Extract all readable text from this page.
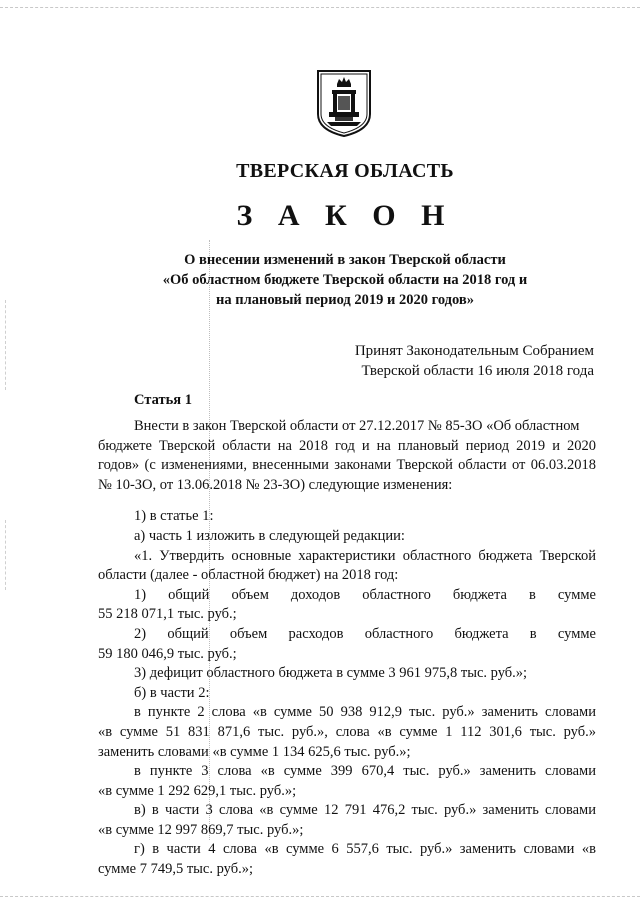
ТВЕРСКАЯ ОБЛАСТЬ
З А К О Н
О внесении изменений в закон Тверской области
«Об областном бюджете Тверской области на 2018 год и
на плановый период 2019 и 2020 годов»
Принят Законодательным Собранием
Тверской области 16 июля 2018 года
Статья 1
Внести в закон Тверской области от 27.12.2017 № 85-ЗО «Об областном
бюджете Тверской области на 2018 год и на плановый период 2019 и 2020
годов» (с изменениями, внесенными законами Тверской области от 06.03.2018
№ 10-ЗО, от 13.06.2018 № 23-ЗО) следующие изменения:
1) в статье 1:
а) часть 1 изложить в следующей редакции:
«1. Утвердить основные характеристики областного бюджета Тверской
области (далее - областной бюджет) на 2018 год:
1) общий объем доходов областного бюджета в сумме
55 218 071,1 тыс. руб.;
2) общий объем расходов областного бюджета в сумме
59 180 046,9 тыс. руб.;
3) дефицит областного бюджета в сумме 3 961 975,8 тыс. руб.»;
б) в части 2:
в пункте 2 слова «в сумме 50 938 912,9 тыс. руб.» заменить словами
«в сумме 51 831 871,6 тыс. руб.», слова «в сумме 1 112 301,6 тыс. руб.»
заменить словами «в сумме 1 134 625,6 тыс. руб.»;
в пункте 3 слова «в сумме 399 670,4 тыс. руб.» заменить словами
«в сумме 1 292 629,1 тыс. руб.»;
в) в части 3 слова «в сумме 12 791 476,2 тыс. руб.» заменить словами
«в сумме 12 997 869,7 тыс. руб.»;
г) в части 4 слова «в сумме 6 557,6 тыс. руб.» заменить словами «в
сумме 7 749,5 тыс. руб.»;
